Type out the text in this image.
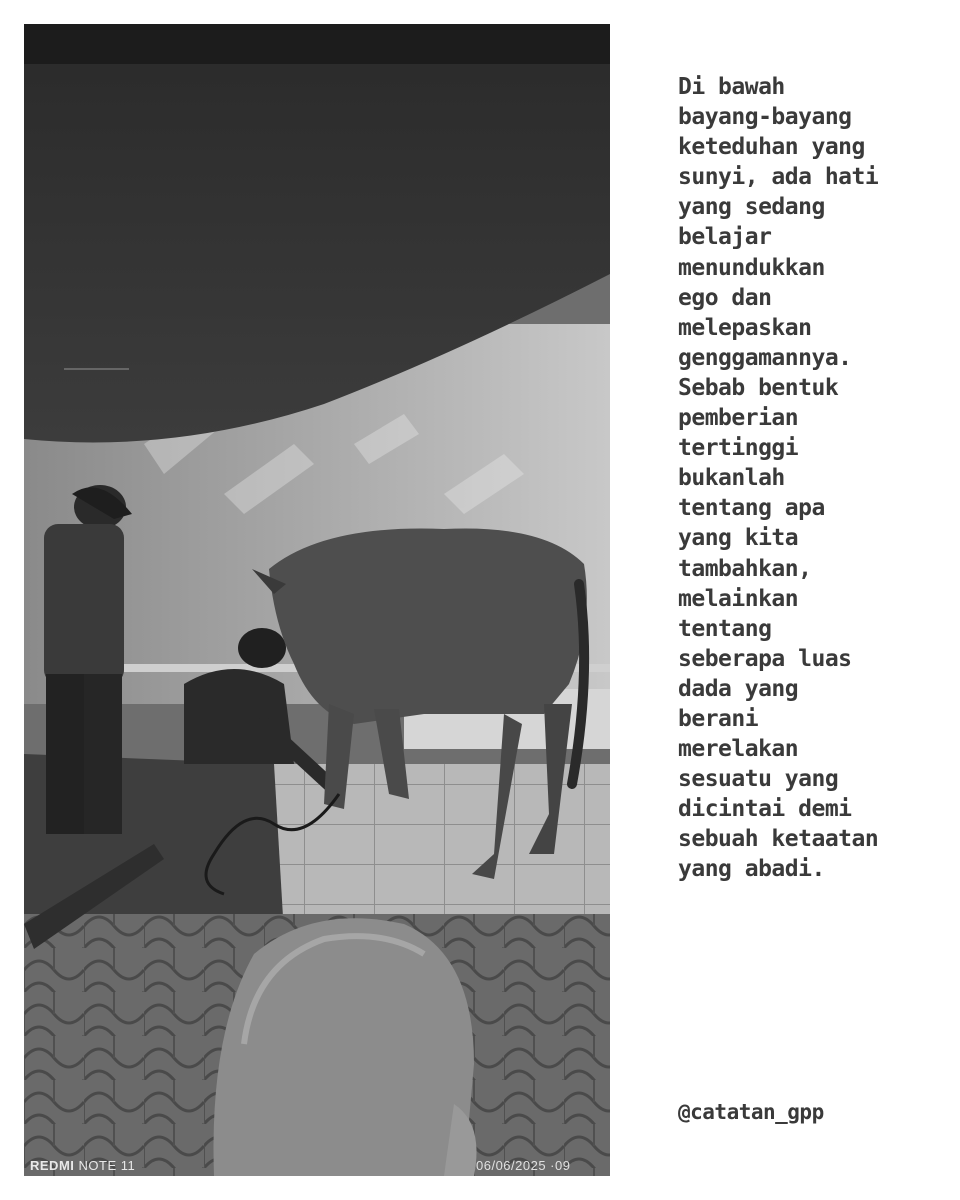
REDMI NOTE 11	06/06/2025 ·09
Di bawah
bayang-bayang
keteduhan yang
sunyi, ada hati
yang sedang
belajar
menundukkan
ego dan
melepaskan
genggamannya.
Sebab bentuk
pemberian
tertinggi
bukanlah
tentang apa
yang kita
tambahkan,
melainkan
tentang
seberapa luas
dada yang
berani
merelakan
sesuatu yang
dicintai demi
sebuah ketaatan
yang abadi.
@catatan_gpp
